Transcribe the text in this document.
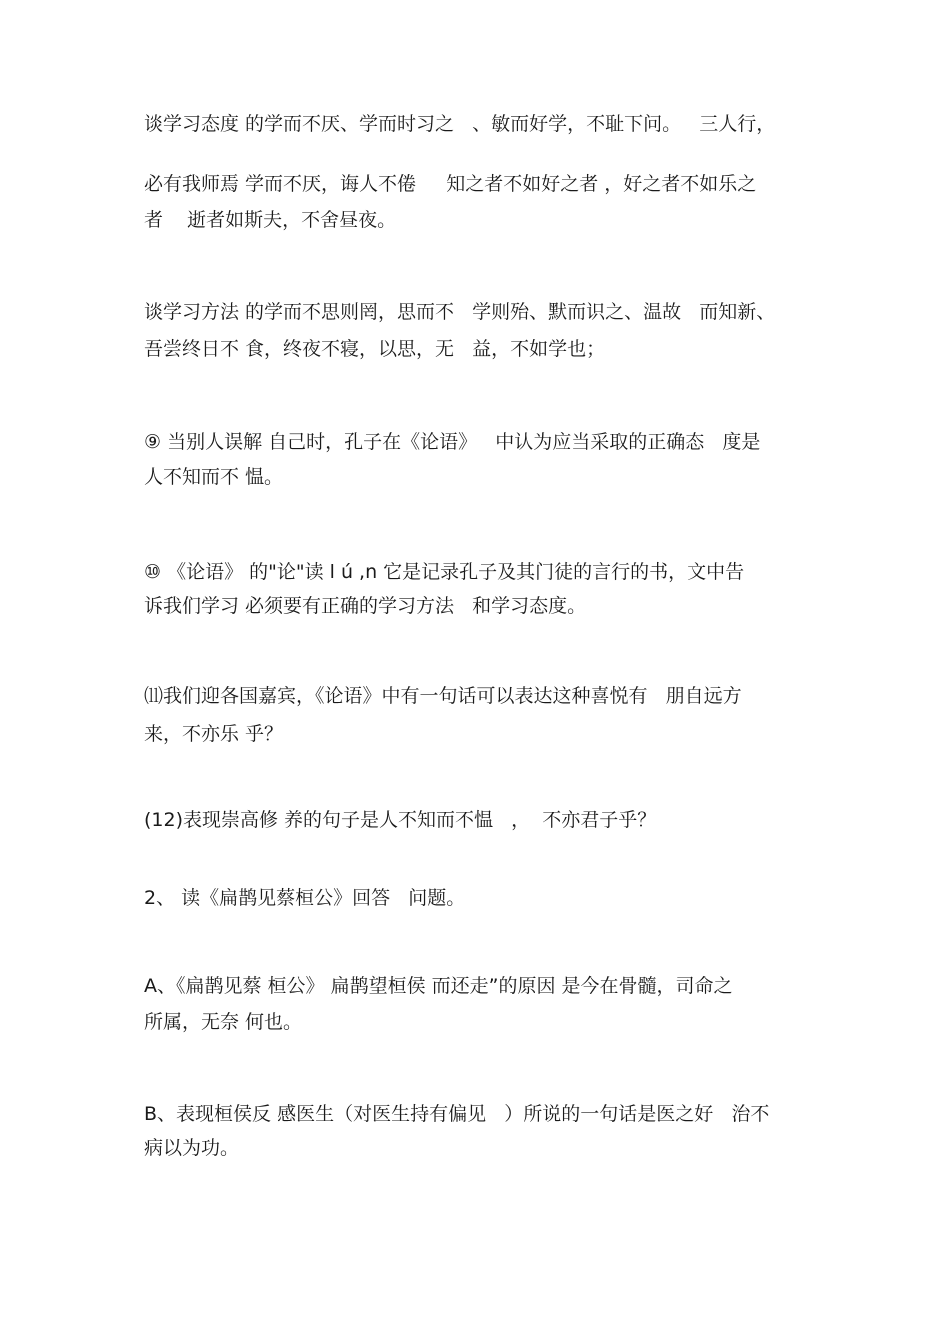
谈学习态度 的学而不厌、学而时习之   、敏而好学，不耻下问。   三人行，
必有我师焉 学而不厌，诲人不倦     知之者不如好之者 ，好之者不如乐之
者    逝者如斯夫，不舍昼夜。
谈学习方法 的学而不思则罔，思而不   学则殆、默而识之、温故   而知新、
吾尝终日不 食，终夜不寝，以思，无   益，不如学也；
⑨ 当别人误解 自己时，孔子在《论语》   中认为应当采取的正确态   度是
人不知而不 愠。
⑩ 《论语》 的"论"读 l ú ,n 它是记录孔子及其门徒的言行的书，文中告
诉我们学习 必须要有正确的学习方法   和学习态度。
⑾我们迎各国嘉宾，《论语》中有一句话可以表达这种喜悦有   朋自远方
来，不亦乐 乎？
(12)表现崇高修 养的句子是人不知而不愠   ，  不亦君子乎？
2、 读《扁鹊见蔡桓公》回答   问题。
A、《扁鹊见蔡 桓公》 扁鹊望桓侯 而还走”的原因 是今在骨髓，司命之
所属，无奈 何也。
B、表现桓侯反 感医生（对医生持有偏见   ）所说的一句话是医之好   治不
病以为功。
